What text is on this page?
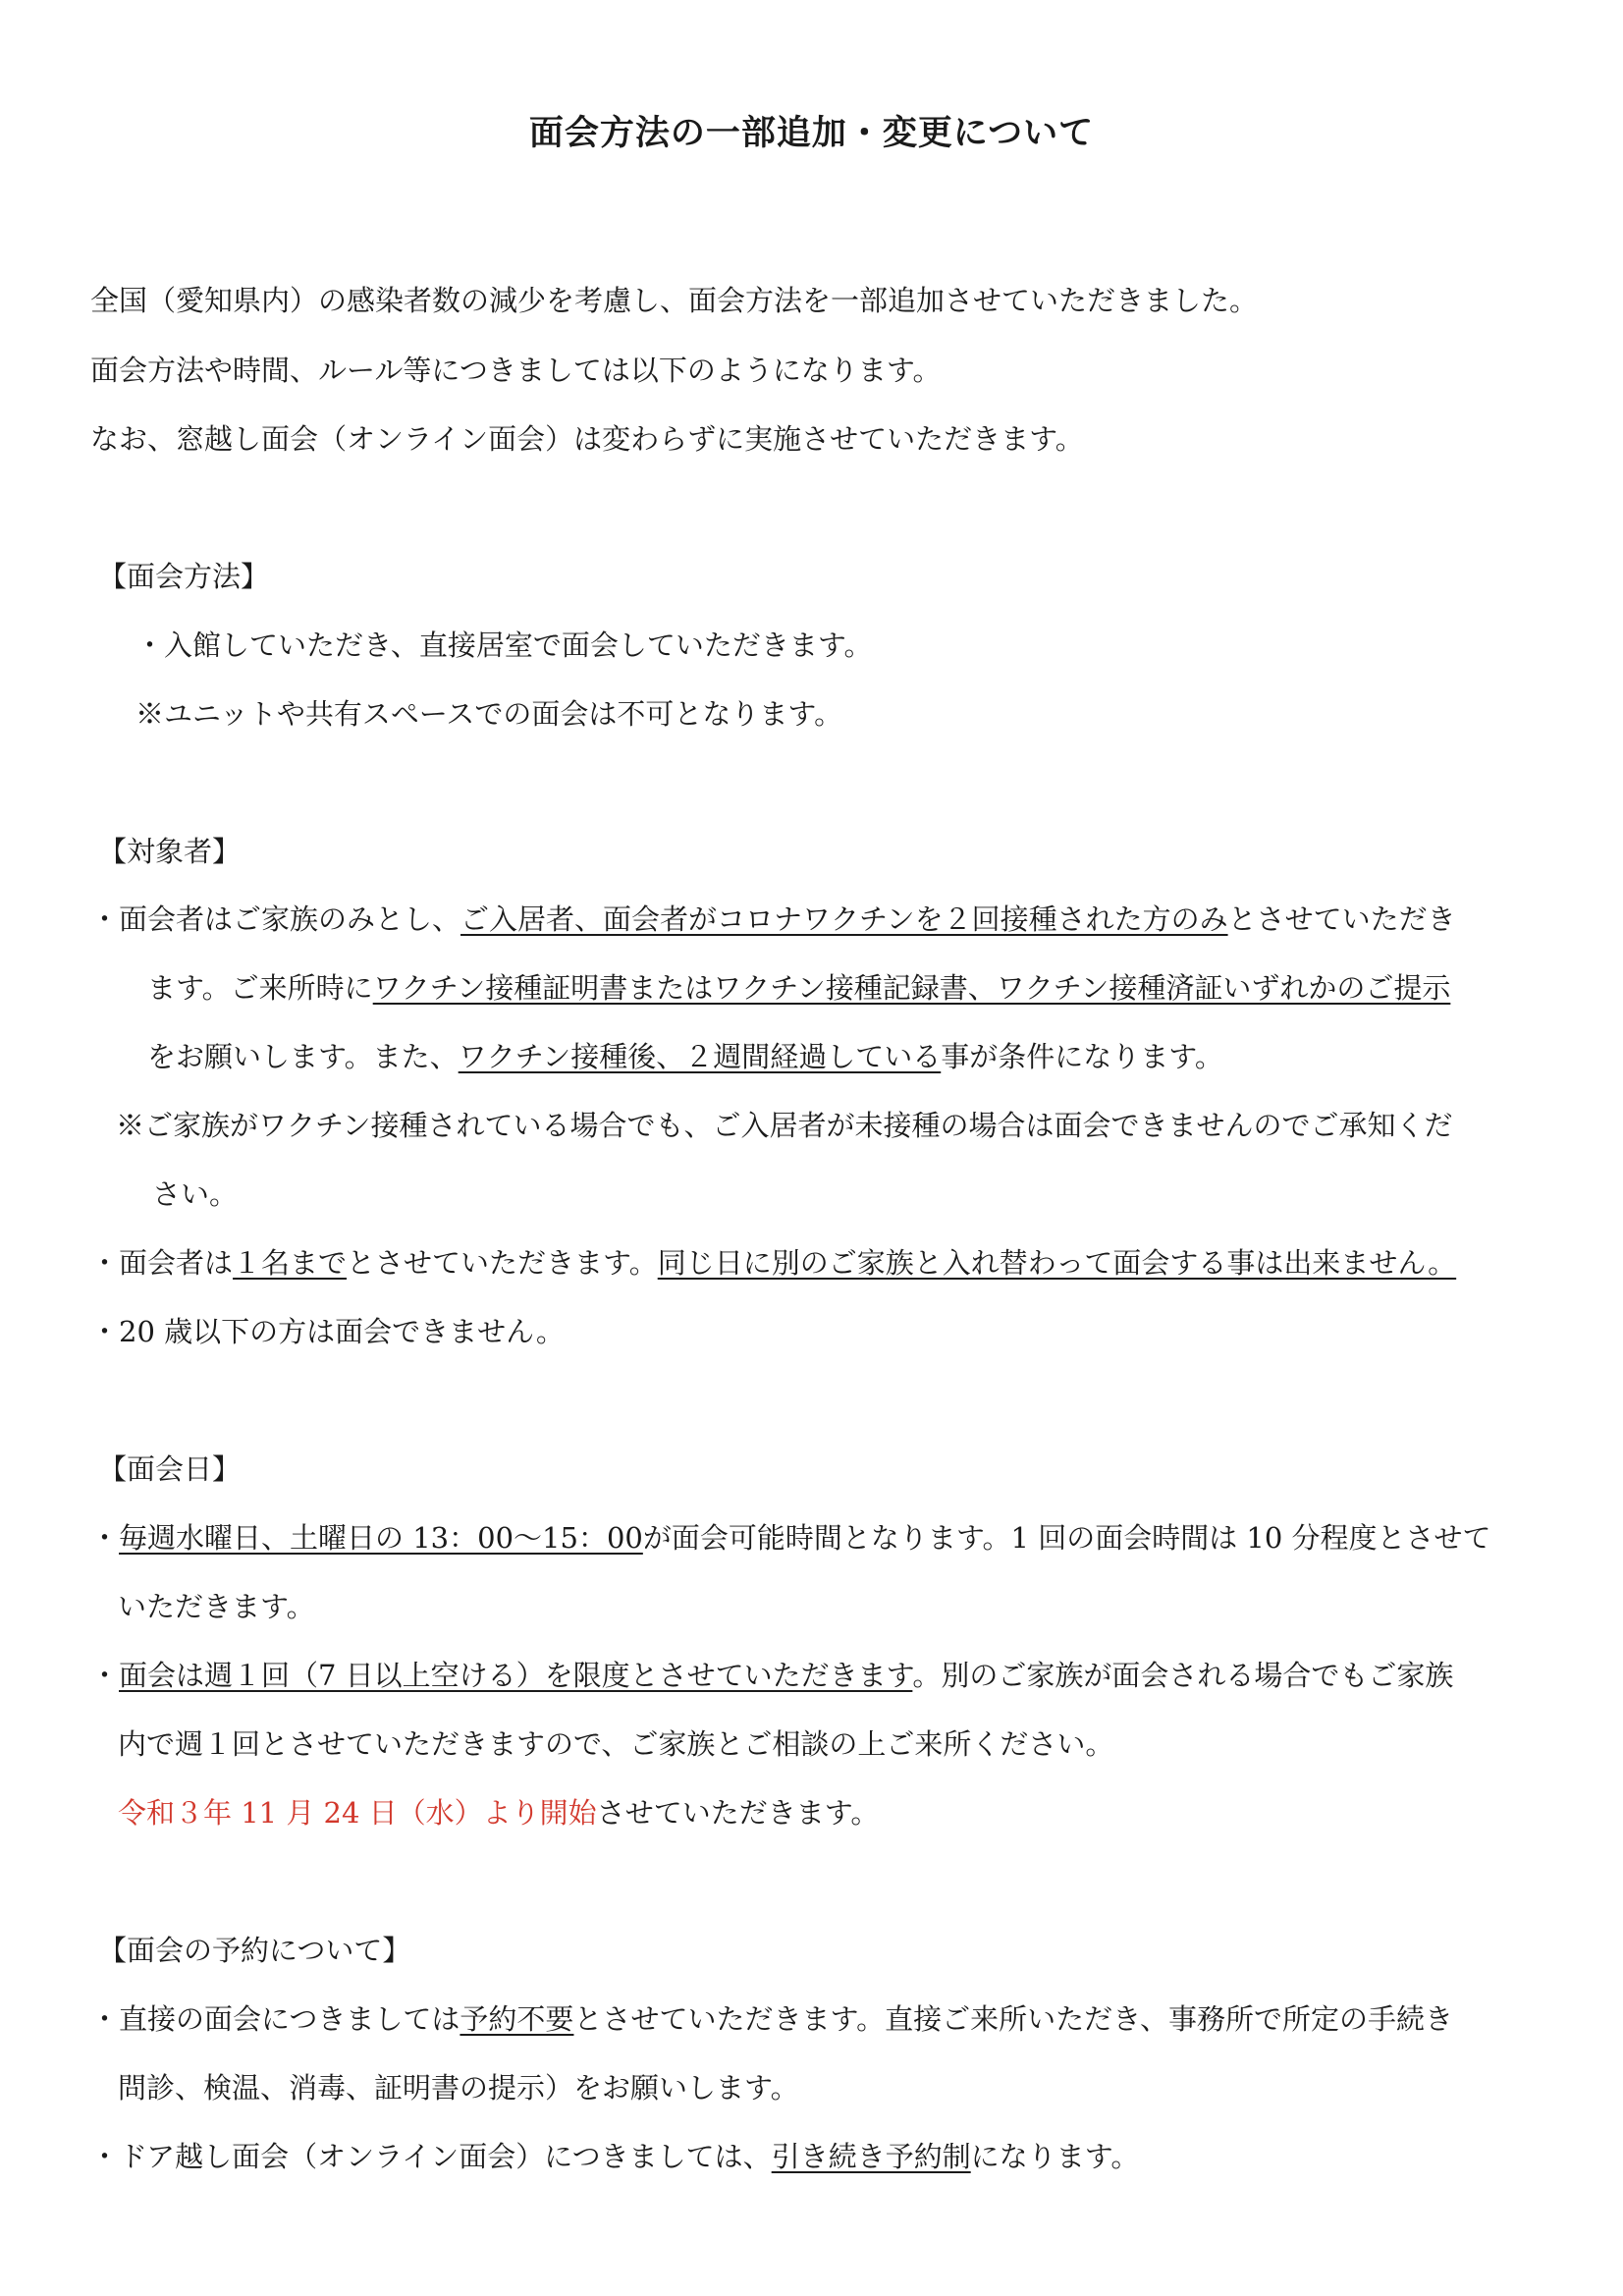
面会方法の一部追加・変更について
全国（愛知県内）の感染者数の減少を考慮し、面会方法を一部追加させていただきました。
面会方法や時間、ルール等につきましては以下のようになります。
なお、窓越し面会（オンライン面会）は変わらずに実施させていただきます。
【面会方法】
・入館していただき、直接居室で面会していただきます。
※ユニットや共有スペースでの面会は不可となります。
【対象者】
・面会者はご家族のみとし、ご入居者、面会者がコロナワクチンを２回接種された方のみとさせていただき
ます。ご来所時にワクチン接種証明書またはワクチン接種記録書、ワクチン接種済証いずれかのご提示
をお願いします。また、ワクチン接種後、２週間経過している事が条件になります。
※ご家族がワクチン接種されている場合でも、ご入居者が未接種の場合は面会できませんのでご承知くだ
さい。
・面会者は１名までとさせていただきます。同じ日に別のご家族と入れ替わって面会する事は出来ません。
・20 歳以下の方は面会できません。
【面会日】
・毎週水曜日、土曜日の 13：00～15：00が面会可能時間となります。1 回の面会時間は 10 分程度とさせて
いただきます。
・面会は週１回（7 日以上空ける）を限度とさせていただきます。別のご家族が面会される場合でもご家族
内で週１回とさせていただきますので、ご家族とご相談の上ご来所ください。
令和３年 11 月 24 日（水）より開始させていただきます。
【面会の予約について】
・直接の面会につきましては予約不要とさせていただきます。直接ご来所いただき、事務所で所定の手続き
問診、検温、消毒、証明書の提示）をお願いします。
・ドア越し面会（オンライン面会）につきましては、引き続き予約制になります。
